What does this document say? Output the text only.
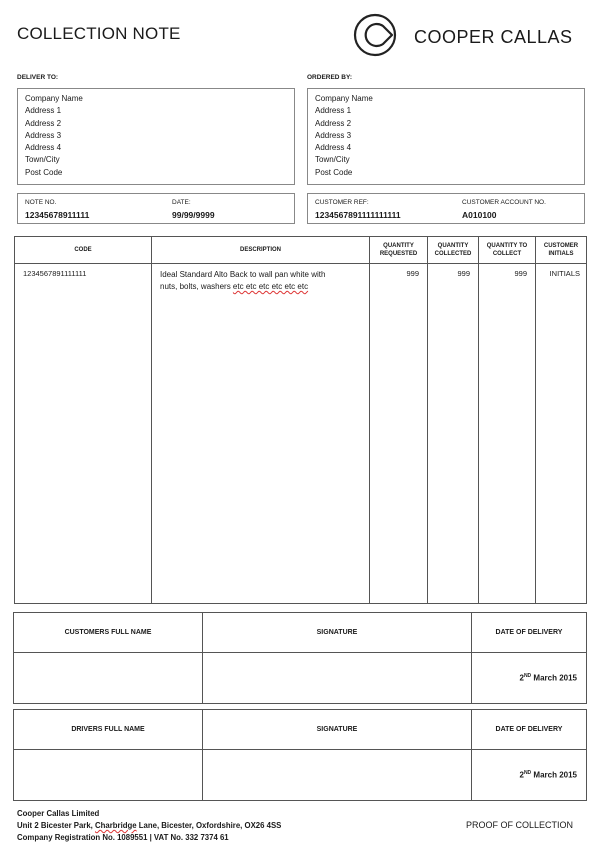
COLLECTION NOTE	COOPER CALLAS
DELIVER TO:
Company Name
Address 1
Address 2
Address 3
Address 4
Town/City
Post Code
ORDERED BY:
Company Name
Address 1
Address 2
Address 3
Address 4
Town/City
Post Code
NOTE NO.
12345678911111
DATE:
99/99/9999
CUSTOMER REF:
1234567891111111111
CUSTOMER ACCOUNT NO.
A010100
CODE	DESCRIPTION	QUANTITY REQUESTED	QUANTITY COLLECTED	QUANTITY TO COLLECT	CUSTOMER INITIALS
1234567891111111	Ideal Standard Alto Back to wall pan white with
nuts, bolts, washers etc etc etc etc etc etc	999	999	999	INITIALS
CUSTOMERS FULL NAME	SIGNATURE	DATE OF DELIVERY
		2ND March 2015
DRIVERS FULL NAME	SIGNATURE	DATE OF DELIVERY
		2ND March 2015
Cooper Callas Limited
Unit 2 Bicester Park, Charbridge Lane, Bicester, Oxfordshire, OX26 4SS
Company Registration No. 1089551 | VAT No. 332 7374 61
PROOF OF COLLECTION
